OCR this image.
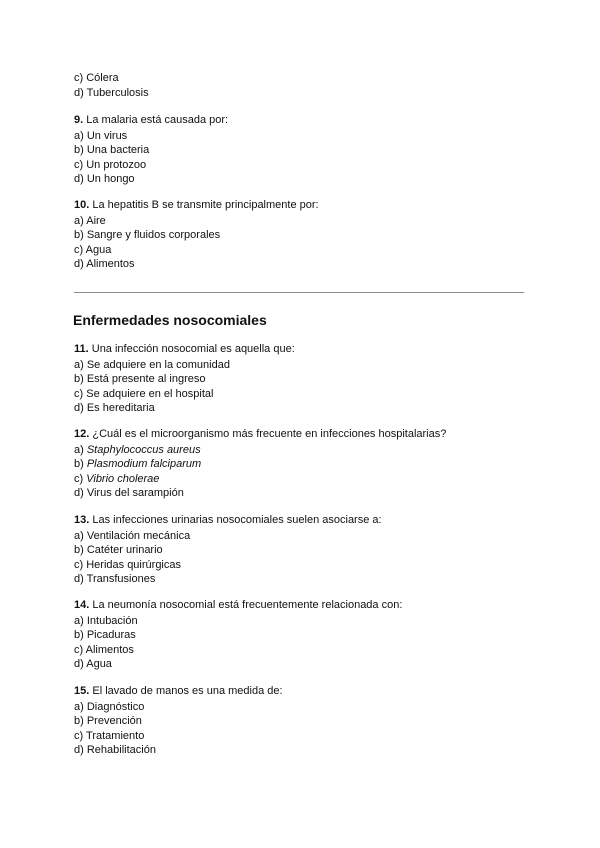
c) Cólera
d) Tuberculosis
9. La malaria está causada por:
a) Un virus
b) Una bacteria
c) Un protozoo
d) Un hongo
10. La hepatitis B se transmite principalmente por:
a) Aire
b) Sangre y fluidos corporales
c) Agua
d) Alimentos
Enfermedades nosocomiales
11. Una infección nosocomial es aquella que:
a) Se adquiere en la comunidad
b) Está presente al ingreso
c) Se adquiere en el hospital
d) Es hereditaria
12. ¿Cuál es el microorganismo más frecuente en infecciones hospitalarias?
a) Staphylococcus aureus
b) Plasmodium falciparum
c) Vibrio cholerae
d) Virus del sarampión
13. Las infecciones urinarias nosocomiales suelen asociarse a:
a) Ventilación mecánica
b) Catéter urinario
c) Heridas quirúrgicas
d) Transfusiones
14. La neumonía nosocomial está frecuentemente relacionada con:
a) Intubación
b) Picaduras
c) Alimentos
d) Agua
15. El lavado de manos es una medida de:
a) Diagnóstico
b) Prevención
c) Tratamiento
d) Rehabilitación
